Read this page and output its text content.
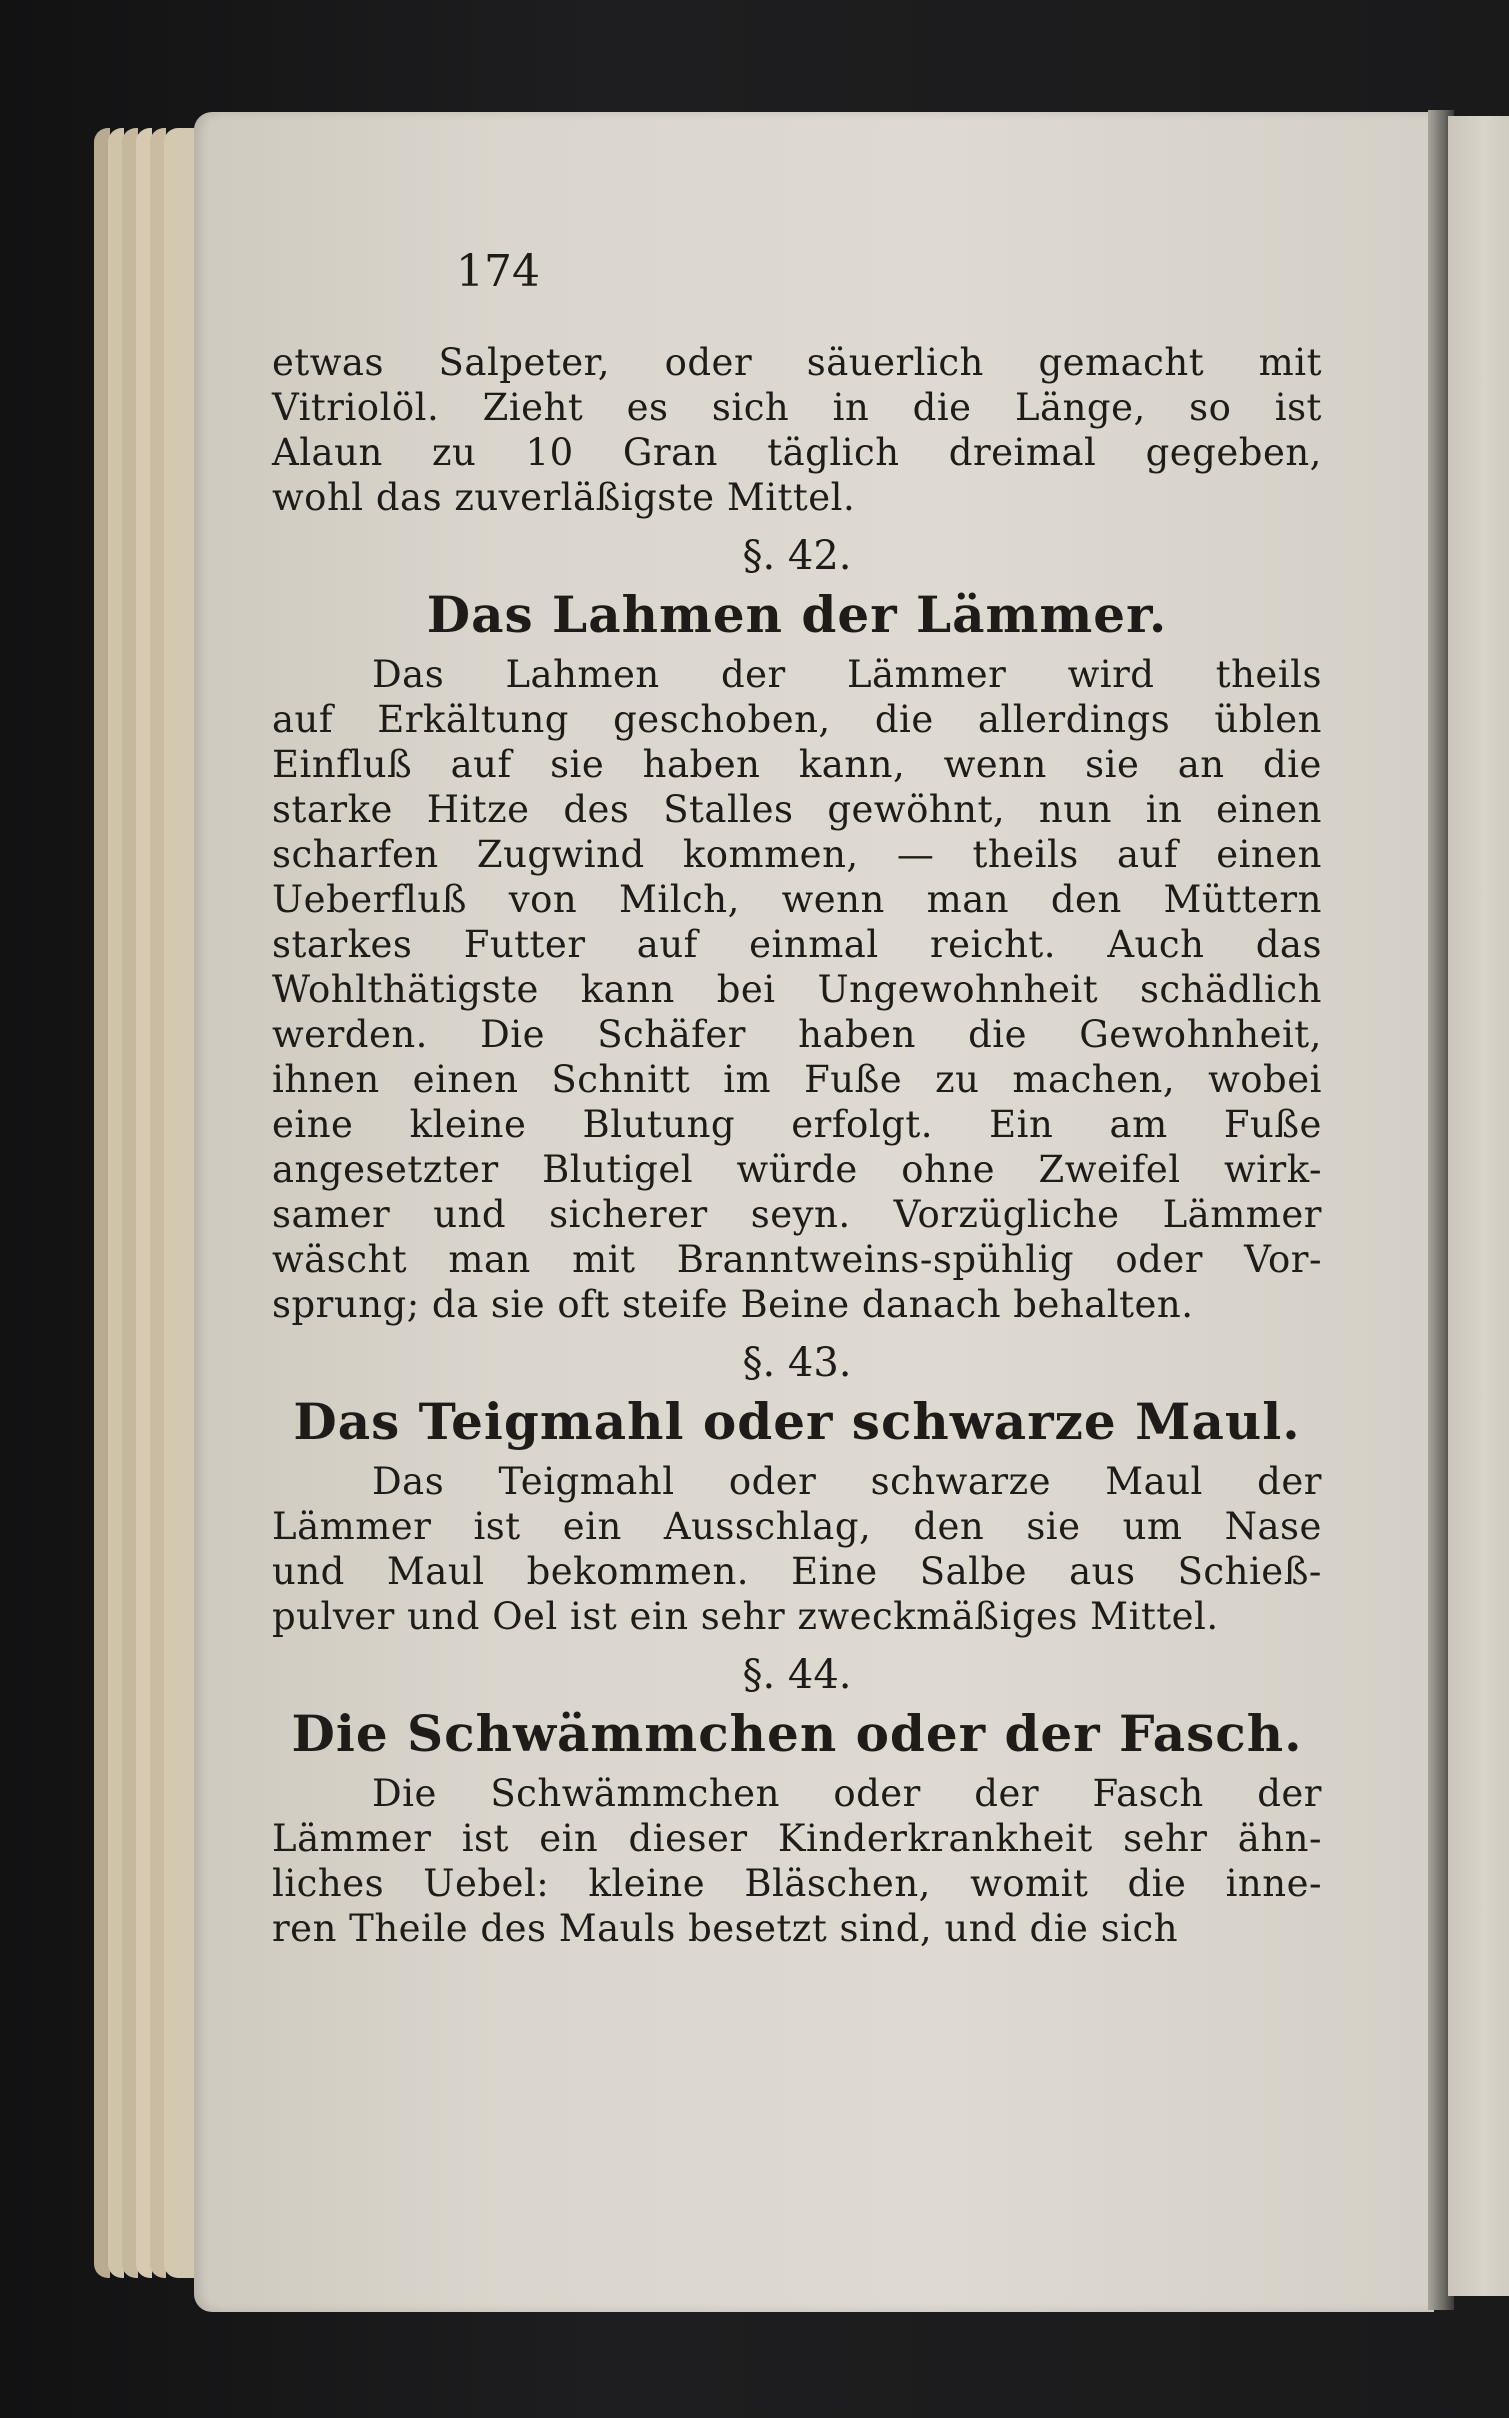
174
etwas Salpeter, oder säuerlich gemacht mit
Vitriolöl. Zieht es sich in die Länge, so ist
Alaun zu 10 Gran täglich dreimal gegeben,
wohl das zuverläßigste Mittel.
§. 42.
Das Lahmen der Lämmer.
Das Lahmen der Lämmer wird theils
auf Erkältung geschoben, die allerdings üblen
Einfluß auf sie haben kann, wenn sie an die
starke Hitze des Stalles gewöhnt, nun in einen
scharfen Zugwind kommen, — theils auf einen
Ueberfluß von Milch, wenn man den Müttern
starkes Futter auf einmal reicht. Auch das
Wohlthätigste kann bei Ungewohnheit schädlich
werden. Die Schäfer haben die Gewohnheit,
ihnen einen Schnitt im Fuße zu machen, wobei
eine kleine Blutung erfolgt. Ein am Fuße
angesetzter Blutigel würde ohne Zweifel wirk-
samer und sicherer seyn. Vorzügliche Lämmer
wäscht man mit Branntweins-spühlig oder Vor-
sprung; da sie oft steife Beine danach behalten.
§. 43.
Das Teigmahl oder schwarze Maul.
Das Teigmahl oder schwarze Maul der
Lämmer ist ein Ausschlag, den sie um Nase
und Maul bekommen. Eine Salbe aus Schieß-
pulver und Oel ist ein sehr zweckmäßiges Mittel.
§. 44.
Die Schwämmchen oder der Fasch.
Die Schwämmchen oder der Fasch der
Lämmer ist ein dieser Kinderkrankheit sehr ähn-
liches Uebel: kleine Bläschen, womit die inne-
ren Theile des Mauls besetzt sind, und die sich
